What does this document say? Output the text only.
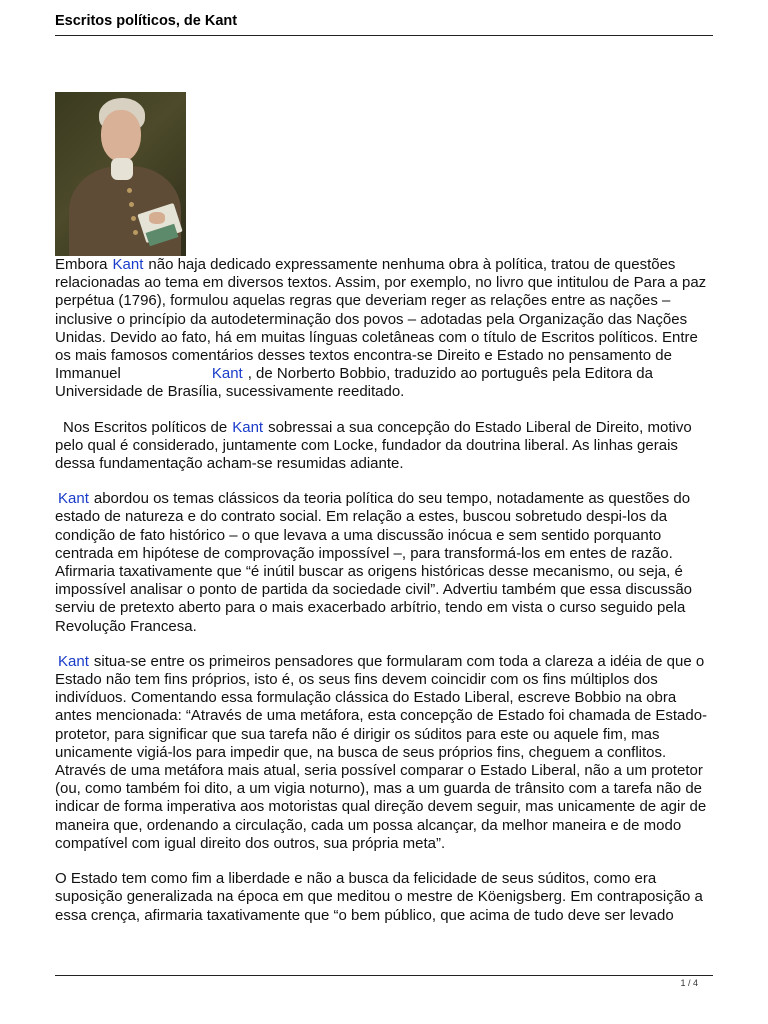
Escritos políticos, de Kant

Embora Kant não haja dedicado expressamente nenhuma obra à política, tratou de questões relacionadas ao tema em diversos textos. Assim, por exemplo, no livro que intitulou de Para a paz perpétua (1796), formulou aquelas regras que deveriam reger as relações entre as nações – inclusive o princípio da autodeterminação dos povos – adotadas pela Organização das Nações Unidas. Devido ao fato, há em muitas línguas coletâneas com o título de Escritos políticos. Entre os mais famosos comentários desses textos encontra-se Direito e Estado no pensamento de Immanuel	Kant , de Norberto Bobbio, traduzido ao português pela Editora da Universidade de Brasília, sucessivamente reeditado.

Nos Escritos políticos de Kant sobressai a sua concepção do Estado Liberal de Direito, motivo pelo qual é considerado, juntamente com Locke, fundador da doutrina liberal. As linhas gerais dessa fundamentação acham-se resumidas adiante.

Kant abordou os temas clássicos da teoria política do seu tempo, notadamente as questões do estado de natureza e do contrato social. Em relação a estes, buscou sobretudo despi-los da condição de fato histórico – o que levava a uma discussão inócua e sem sentido porquanto centrada em hipótese de comprovação impossível –, para transformá-los em entes de razão. Afirmaria taxativamente que “é inútil buscar as origens históricas desse mecanismo, ou seja, é impossível analisar o ponto de partida da sociedade civil”. Advertiu também que essa discussão serviu de pretexto aberto para o mais exacerbado arbítrio, tendo em vista o curso seguido pela Revolução Francesa.

Kant situa-se entre os primeiros pensadores que formularam com toda a clareza a idéia de que o Estado não tem fins próprios, isto é, os seus fins devem coincidir com os fins múltiplos dos indivíduos. Comentando essa formulação clássica do Estado Liberal, escreve Bobbio na obra antes mencionada: “Através de uma metáfora, esta concepção de Estado foi chamada de Estado-protetor, para significar que sua tarefa não é dirigir os súditos para este ou aquele fim, mas unicamente vigiá-los para impedir que, na busca de seus próprios fins, cheguem a conflitos. Através de uma metáfora mais atual, seria possível comparar o Estado Liberal, não a um protetor (ou, como também foi dito, a um vigia noturno), mas a um guarda de trânsito com a tarefa não de indicar de forma imperativa aos motoristas qual direção devem seguir, mas unicamente de agir de maneira que, ordenando a circulação, cada um possa alcançar, da melhor maneira e de modo compatível com igual direito dos outros, sua própria meta”.

O Estado tem como fim a liberdade e não a busca da felicidade de seus súditos, como era suposição generalizada na época em que meditou o mestre de Köenigsberg. Em contraposição a essa crença, afirmaria taxativamente que “o bem público, que acima de tudo deve ser levado

1 / 4
